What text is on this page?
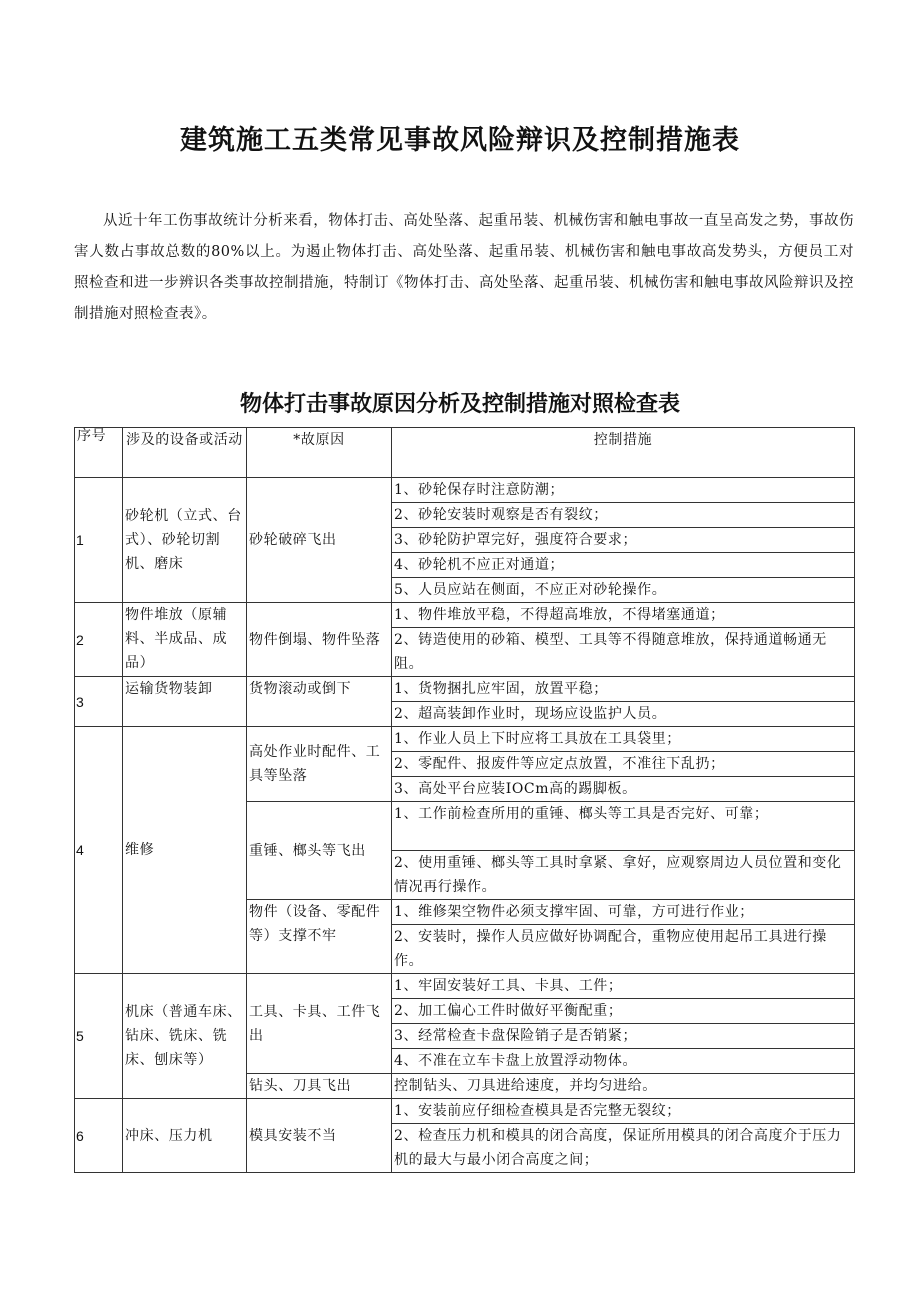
建筑施工五类常见事故风险辩识及控制措施表
从近十年工伤事故统计分析来看，物体打击、高处坠落、起重吊装、机械伤害和触电事故一直呈高发之势，事故伤害人数占事故总数的80%以上。为遏止物体打击、高处坠落、起重吊装、机械伤害和触电事故高发势头，方便员工对照检查和进一步辨识各类事故控制措施，特制订《物体打击、高处坠落、起重吊装、机械伤害和触电事故风险辩识及控制措施对照检查表》。
物体打击事故原因分析及控制措施对照检查表
序号	涉及的设备或活动	*故原因	控制措施
1	砂轮机（立式、台式）、砂轮切割机、磨床	砂轮破碎飞出	1、砂轮保存时注意防潮；
			2、砂轮安装时观察是否有裂纹；
			3、砂轮防护罩完好，强度符合要求；
			4、砂轮机不应正对通道；
			5、人员应站在侧面，不应正对砂轮操作。
2	物件堆放（原辅料、半成品、成品）	物件倒塌、物件坠落	1、物件堆放平稳，不得超高堆放，不得堵塞通道；
			2、铸造使用的砂箱、模型、工具等不得随意堆放，保持通道畅通无阻。
3	运输货物装卸	货物滚动或倒下	1、货物捆扎应牢固，放置平稳；
			2、超高装卸作业时，现场应设监护人员。
4	维修	高处作业时配件、工具等坠落	1、作业人员上下时应将工具放在工具袋里；
			2、零配件、报废件等应定点放置，不准往下乱扔；
			3、高处平台应装IOCm高的踢脚板。
		重锤、榔头等飞出	1、工作前检查所用的重锤、榔头等工具是否完好、可靠；
			2、使用重锤、榔头等工具时拿紧、拿好，应观察周边人员位置和变化情况再行操作。
		物件（设备、零配件等）支撑不牢	1、维修架空物件必须支撑牢固、可靠，方可进行作业；
			2、安装时，操作人员应做好协调配合，重物应使用起吊工具进行操作。

5	机床（普通车床、钻床、铣床、铣床、刨床等）	工具、卡具、工件飞出	1、牢固安装好工具、卡具、工件；
			2、加工偏心工件时做好平衡配重；
			3、经常检查卡盘保险销子是否销紧；
			4、不准在立车卡盘上放置浮动物体。
		钻头、刀具飞出	控制钻头、刀具进给速度，并均匀进给。
6	冲床、压力机	模具安装不当	1、安装前应仔细检查模具是否完整无裂纹；
			2、检查压力机和模具的闭合高度，保证所用模具的闭合高度介于压力机的最大与最小闭合高度之间；
